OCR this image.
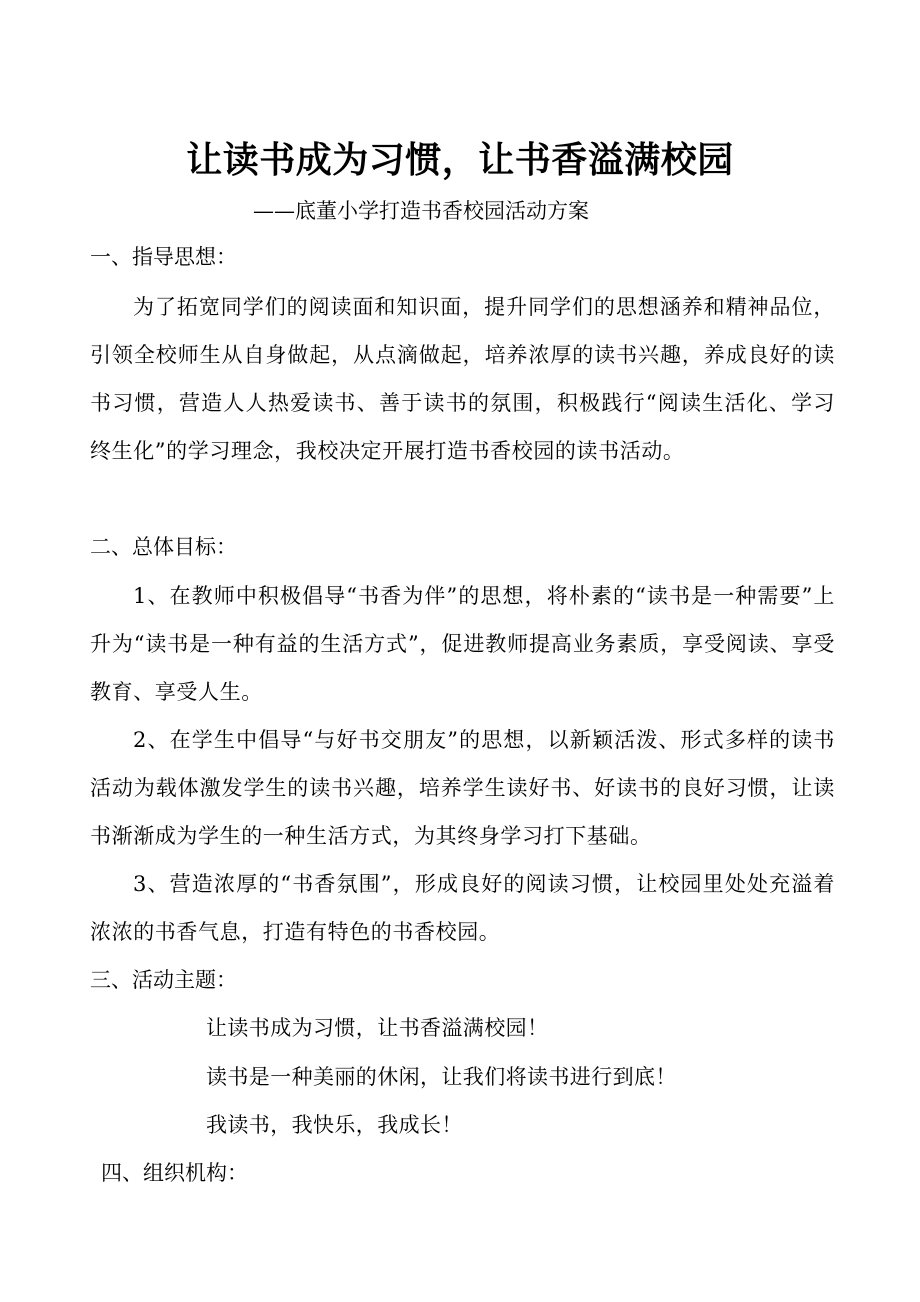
让读书成为习惯，让书香溢满校园
——底董小学打造书香校园活动方案
一、指导思想：
为了拓宽同学们的阅读面和知识面，提升同学们的思想涵养和精神品位，引领全校师生从自身做起，从点滴做起，培养浓厚的读书兴趣，养成良好的读书习惯，营造人人热爱读书、善于读书的氛围，积极践行“阅读生活化、学习终生化”的学习理念，我校决定开展打造书香校园的读书活动。
二、总体目标：
1、在教师中积极倡导“书香为伴”的思想，将朴素的“读书是一种需要”上升为“读书是一种有益的生活方式”，促进教师提高业务素质，享受阅读、享受教育、享受人生。
2、在学生中倡导“与好书交朋友”的思想，以新颖活泼、形式多样的读书活动为载体激发学生的读书兴趣，培养学生读好书、好读书的良好习惯，让读书渐渐成为学生的一种生活方式，为其终身学习打下基础。
3、营造浓厚的“书香氛围”，形成良好的阅读习惯，让校园里处处充溢着浓浓的书香气息，打造有特色的书香校园。
三、活动主题：
让读书成为习惯，让书香溢满校园！
读书是一种美丽的休闲，让我们将读书进行到底！
我读书，我快乐，我成长！
四、组织机构：
